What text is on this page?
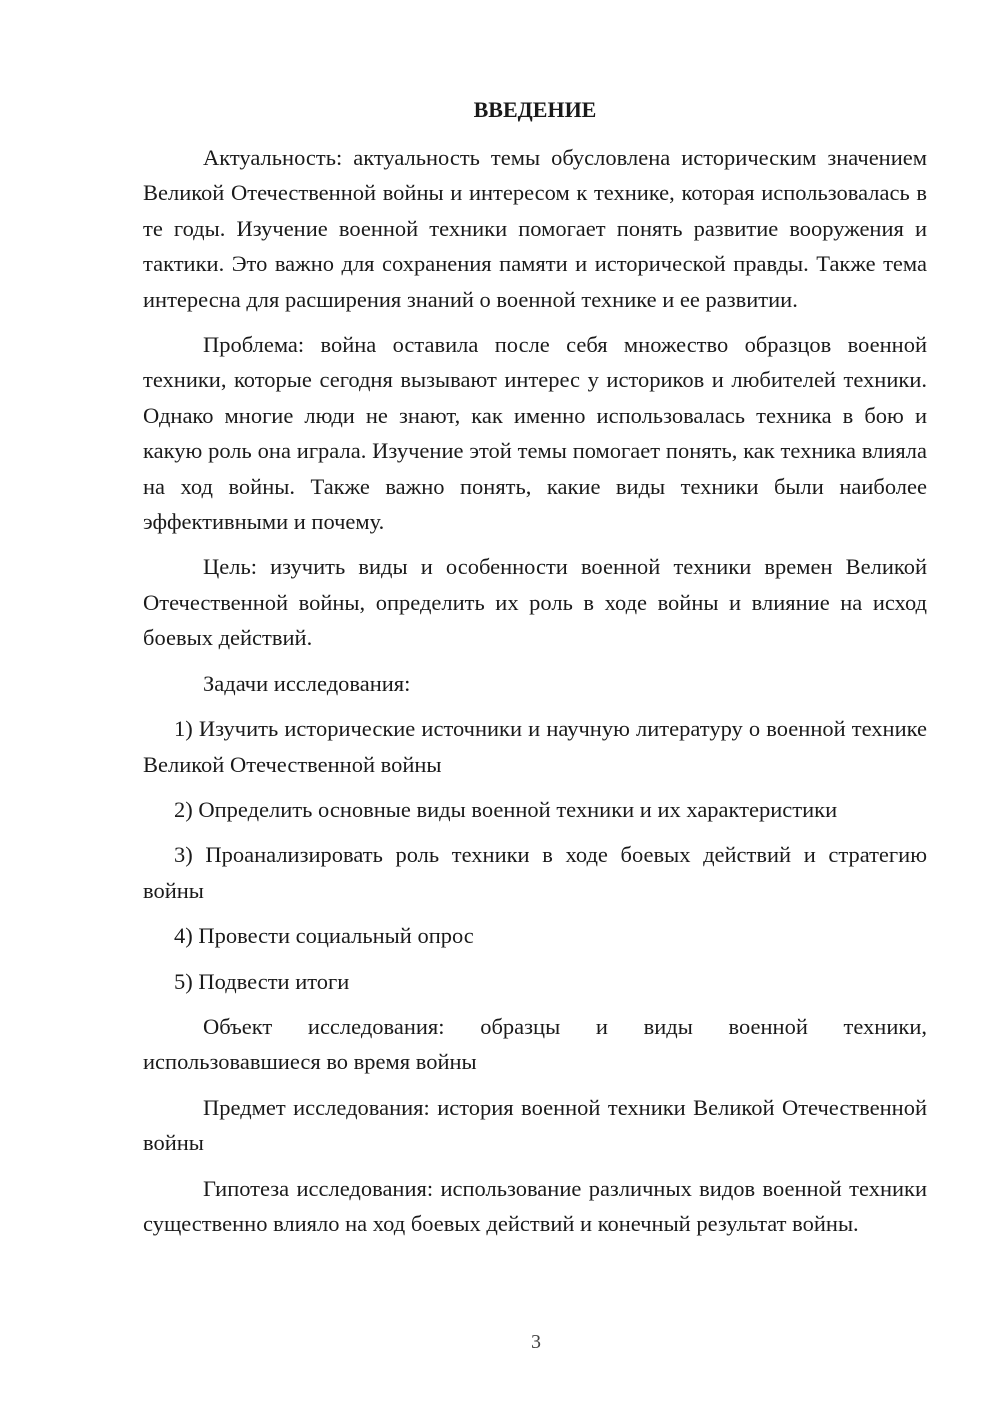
ВВЕДЕНИЕ

Актуальность: актуальность темы обусловлена историческим значением Великой Отечественной войны и интересом к технике, которая использовалась в те годы. Изучение военной техники помогает понять развитие вооружения и тактики. Это важно для сохранения памяти и исторической правды. Также тема интересна для расширения знаний о военной технике и ее развитии.

Проблема: война оставила после себя множество образцов военной техники, которые сегодня вызывают интерес у историков и любителей техники. Однако многие люди не знают, как именно использовалась техника в бою и какую роль она играла. Изучение этой темы помогает понять, как техника влияла на ход войны. Также важно понять, какие виды техники были наиболее эффективными и почему.

Цель: изучить виды и особенности военной техники времен Великой Отечественной войны, определить их роль в ходе войны и влияние на исход боевых действий.

Задачи исследования:

1) Изучить исторические источники и научную литературу о военной технике Великой Отечественной войны

2) Определить основные виды военной техники и их характеристики

3) Проанализировать роль техники в ходе боевых действий и стратегию войны

4) Провести социальный опрос

5) Подвести итоги

Объект исследования: образцы и виды военной техники, использовавшиеся во время войны

Предмет исследования: история военной техники Великой Отечественной войны

Гипотеза исследования: использование различных видов военной техники существенно влияло на ход боевых действий и конечный результат войны.

3
